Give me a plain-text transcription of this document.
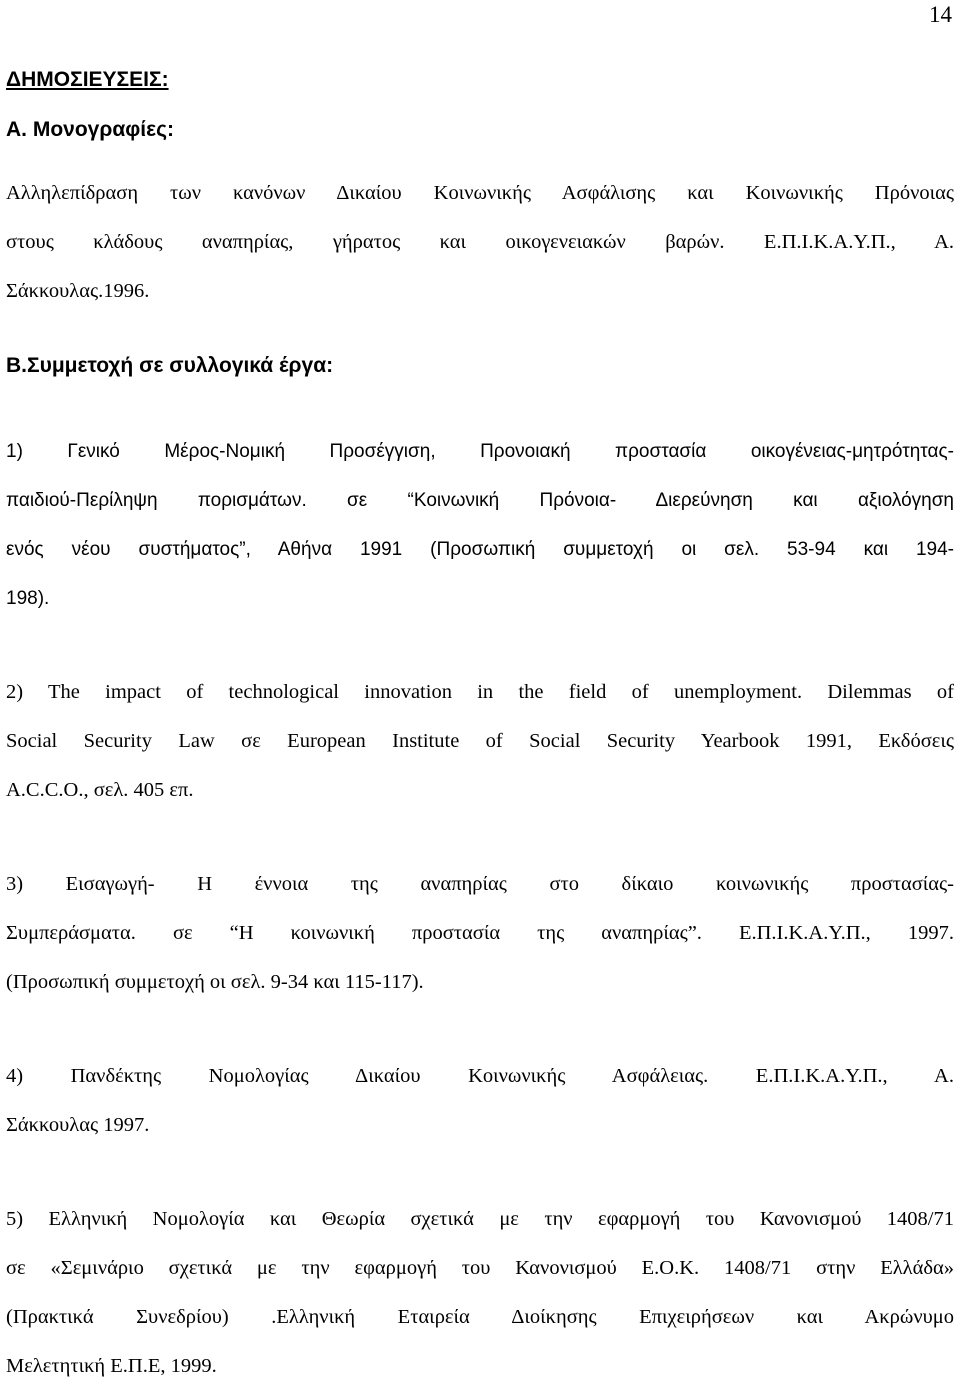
14
ΔΗΜΟΣΙΕΥΣΕΙΣ:
Α. Μονογραφίες:
Αλληλεπίδραση των κανόνων Δικαίου Κοινωνικής Ασφάλισης και Κοινωνικής Πρόνοιας
στους κλάδους αναπηρίας, γήρατος και οικογενειακών βαρών. Ε.Π.Ι.Κ.Α.Υ.Π., Α.
Σάκκουλας.1996.
Β.Συμμετοχή σε συλλογικά έργα:
1) Γενικό Μέρος-Νομική Προσέγγιση, Προνοιακή προστασία οικογένειας-μητρότητας-
παιδιού-Περίληψη πορισμάτων. σε “Κοινωνική Πρόνοια- Διερεύνηση και αξιολόγηση
ενός νέου συστήματος”, Αθήνα 1991 (Προσωπική συμμετοχή οι σελ. 53-94 και 194-
198).
2) The impact of technological innovation in the field of unemployment. Dilemmas of
Social Security Law σε European Institute of Social Security Yearbook 1991, Εκδόσεις
A.C.C.O., σελ. 405 επ.
3) Εισαγωγή- Η έννοια της αναπηρίας στο δίκαιο κοινωνικής προστασίας-
Συμπεράσματα. σε “Η κοινωνική προστασία της αναπηρίας”. Ε.Π.Ι.Κ.Α.Υ.Π., 1997.
(Προσωπική συμμετοχή οι σελ. 9-34 και 115-117).
4) Πανδέκτης Νομολογίας Δικαίου Κοινωνικής Ασφάλειας. Ε.Π.Ι.Κ.Α.Υ.Π., Α.
Σάκκουλας 1997.
5) Ελληνική Νομολογία και Θεωρία σχετικά με την εφαρμογή του Κανονισμού 1408/71
σε «Σεμινάριο σχετικά με την εφαρμογή του Κανονισμού Ε.Ο.Κ. 1408/71 στην Ελλάδα»
(Πρακτικά Συνεδρίου) .Ελληνική Εταιρεία Διοίκησης Επιχειρήσεων και Ακρώνυμο
Μελετητική Ε.Π.Ε, 1999.
